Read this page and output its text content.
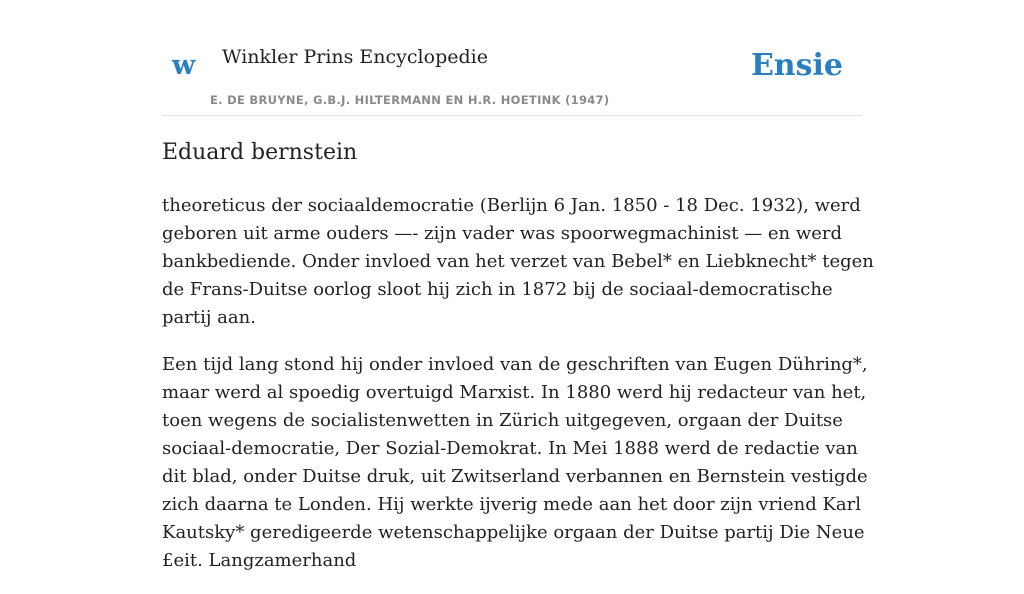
w Winkler Prins Encyclopedie
E. DE BRUYNE, G.B.J. HILTERMANN EN H.R. HOETINK (1947)
Ensie
Eduard bernstein

theoreticus der sociaaldemocratie (Berlijn 6 Jan. 1850 - 18 Dec. 1932), werd geboren uit arme ouders —- zijn vader was spoorwegmachinist — en werd bankbediende. Onder invloed van het verzet van Bebel* en Liebknecht* tegen de Frans-Duitse oorlog sloot hij zich in 1872 bij de sociaal-democratische partij aan.

Een tijd lang stond hij onder invloed van de geschriften van Eugen Dühring*, maar werd al spoedig overtuigd Marxist. In 1880 werd hij redacteur van het, toen wegens de socialistenwetten in Zürich uitgegeven, orgaan der Duitse sociaal-democratie, Der Sozial-Demokrat. In Mei 1888 werd de redactie van dit blad, onder Duitse druk, uit Zwitserland verbannen en Bernstein vestigde zich daarna te Londen. Hij werkte ijverig mede aan het door zijn vriend Karl Kautsky* geredigeerde wetenschappelijke orgaan der Duitse partij Die Neue £eit. Langzamerhand
